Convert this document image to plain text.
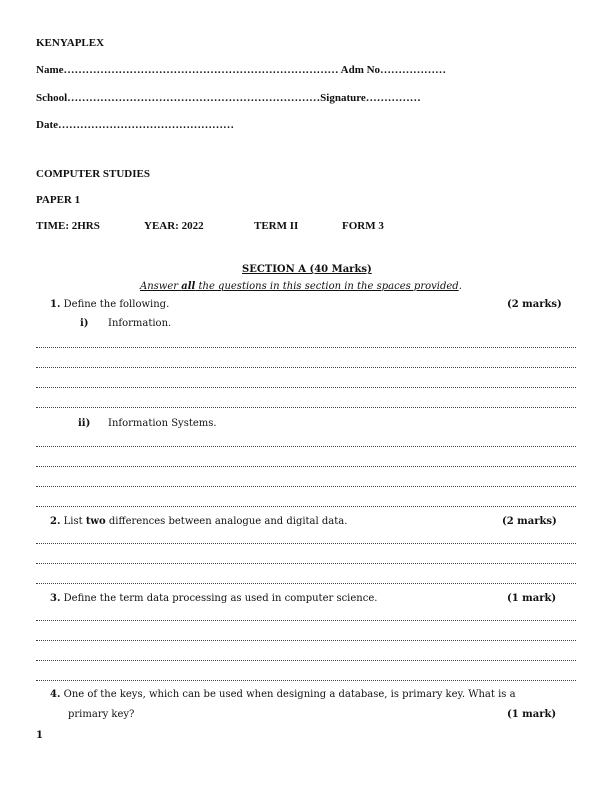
KENYAPLEX
Name………………………………………………………………… Adm No………………
School……………………………………………………………Signature……………
Date…………………………………………
COMPUTER STUDIES
PAPER 1
TIME: 2HRS	YEAR: 2022	TERM II	FORM 3
SECTION A (40 Marks)
Answer all the questions in this section in the spaces provided.
1. Define the following.	(2 marks)
i) Information.
ii) Information Systems.
2. List two differences between analogue and digital data.	(2 marks)
3. Define the term data processing as used in computer science.	(1 mark)
4. One of the keys, which can be used when designing a database, is primary key. What is a
primary key?	(1 mark)
1
